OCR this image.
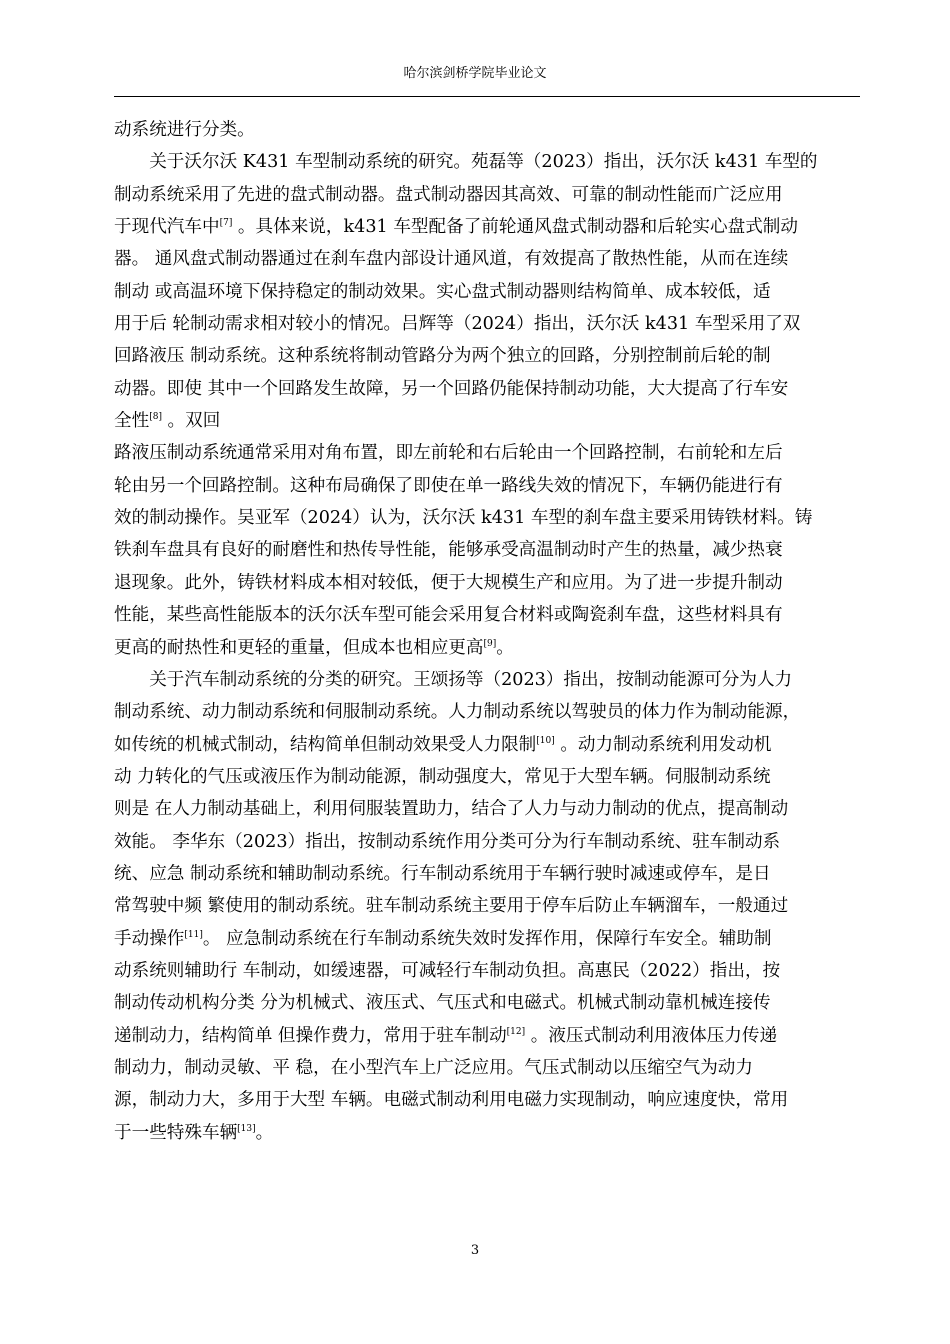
哈尔滨剑桥学院毕业论文
动系统进行分类。
　　关于沃尔沃 K431 车型制动系统的研究。苑磊等（2023）指出，沃尔沃 k431 车型的
制动系统采用了先进的盘式制动器。盘式制动器因其高效、可靠的制动性能而广泛应用
于现代汽车中[7] 。具体来说，k431 车型配备了前轮通风盘式制动器和后轮实心盘式制动
器。 通风盘式制动器通过在刹车盘内部设计通风道，有效提高了散热性能，从而在连续
制动 或高温环境下保持稳定的制动效果。实心盘式制动器则结构简单、成本较低，适
用于后 轮制动需求相对较小的情况。吕辉等（2024）指出，沃尔沃 k431 车型采用了双
回路液压 制动系统。这种系统将制动管路分为两个独立的回路，分别控制前后轮的制
动器。即使 其中一个回路发生故障，另一个回路仍能保持制动功能，大大提高了行车安
全性[8] 。双回
路液压制动系统通常采用对角布置，即左前轮和右后轮由一个回路控制，右前轮和左后
轮由另一个回路控制。这种布局确保了即使在单一路线失效的情况下，车辆仍能进行有
效的制动操作。吴亚军（2024）认为，沃尔沃 k431 车型的刹车盘主要采用铸铁材料。铸
铁刹车盘具有良好的耐磨性和热传导性能，能够承受高温制动时产生的热量，减少热衰
退现象。此外，铸铁材料成本相对较低，便于大规模生产和应用。为了进一步提升制动
性能，某些高性能版本的沃尔沃车型可能会采用复合材料或陶瓷刹车盘，这些材料具有
更高的耐热性和更轻的重量，但成本也相应更高[9]。
　　关于汽车制动系统的分类的研究。王颂扬等（2023）指出，按制动能源可分为人力
制动系统、动力制动系统和伺服制动系统。人力制动系统以驾驶员的体力作为制动能源，
如传统的机械式制动，结构简单但制动效果受人力限制[10] 。动力制动系统利用发动机
动 力转化的气压或液压作为制动能源，制动强度大，常见于大型车辆。伺服制动系统
则是 在人力制动基础上，利用伺服装置助力，结合了人力与动力制动的优点，提高制动
效能。 李华东（2023）指出，按制动系统作用分类可分为行车制动系统、驻车制动系
统、应急 制动系统和辅助制动系统。行车制动系统用于车辆行驶时减速或停车，是日
常驾驶中频 繁使用的制动系统。驻车制动系统主要用于停车后防止车辆溜车，一般通过
手动操作[11]。 应急制动系统在行车制动系统失效时发挥作用，保障行车安全。辅助制
动系统则辅助行 车制动，如缓速器，可减轻行车制动负担。高惠民（2022）指出，按
制动传动机构分类 分为机械式、液压式、气压式和电磁式。机械式制动靠机械连接传
递制动力，结构简单 但操作费力，常用于驻车制动[12] 。液压式制动利用液体压力传递
制动力，制动灵敏、平 稳，在小型汽车上广泛应用。气压式制动以压缩空气为动力
源，制动力大，多用于大型 车辆。电磁式制动利用电磁力实现制动，响应速度快，常用
于一些特殊车辆[13]。
3
